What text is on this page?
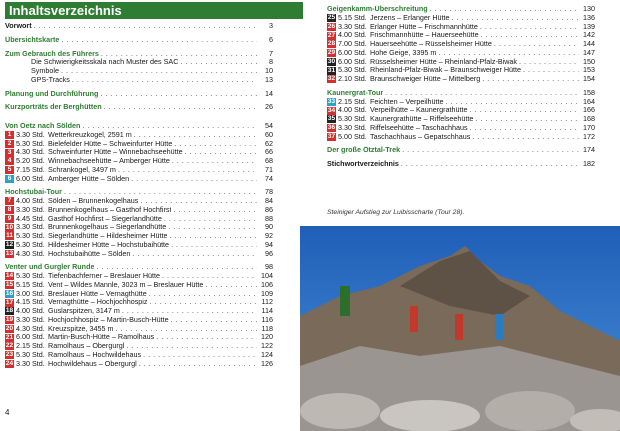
Inhaltsverzeichnis
Vorwort . . .	3
Übersichtskarte . . .	6
Zum Gebrauch des Führers . . .	7
Die Schwierigkeitsskala nach Muster des SAC . . .	8
Symbole . . .	10
GPS-Tracks . . .	13
Planung und Durchführung . . .	14
Kurzporträts der Berghütten . . .	26
Von Oetz nach Sölden . . .	54
1 3.30 Std. Wetterkreuzkogel, 2591 m . . .	60
2 5.30 Std. Bielefelder Hütte – Schweinfurter Hütte . . .	62
3 4.30 Std. Schweinfurter Hütte – Winnebachseehütte . . .	66
4 5.20 Std. Winnebachseehütte – Amberger Hütte . . .	68
5 7.15 Std. Schrankogel, 3497 m . . .	71
6 6.00 Std. Amberger Hütte – Sölden . . .	74
Hochstubai-Tour . . .	78
7 4.00 Std. Sölden – Brunnenkogelhaus . . .	84
8 3.30 Std. Brunnenkogelhaus – Gasthof Hochfirst . . .	86
9 4.45 Std. Gasthof Hochfirst – Siegerlandhütte . . .	88
10 3.30 Std. Brunnenkogelhaus – Siegerlandhütte . . .	90
11 5.30 Std. Siegerlandhütte – Hildesheimer Hütte . . .	92
12 5.30 Std. Hildesheimer Hütte – Hochstubaihütte . . .	94
13 4.30 Std. Hochstubaihütte – Sölden . . .	96
Venter und Gurgler Runde . . .	98
14 5.30 Std. Tiefenbachferner – Breslauer Hütte . . .	104
15 5.15 Std. Vent – Wildes Mannle, 3023 m – Breslauer Hütte . . .	106
16 3.00 Std. Breslauer Hütte – Vernagthütte . . .	109
17 4.15 Std. Vernagthütte – Hochjochhospiz . . .	112
18 4.00 Std. Guslarspitzen, 3147 m . . .	114
19 3.30 Std. Hochjochhospiz – Martin-Busch-Hütte . . .	116
20 4.30 Std. Kreuzspitze, 3455 m . . .	118
21 6.00 Std. Martin-Busch-Hütte – Ramolhaus . . .	120
22 2.15 Std. Ramolhaus – Obergurgl . . .	122
23 5.30 Std. Ramolhaus – Hochwildehaus . . .	124
24 3.30 Std. Hochwildehaus – Obergurgl . . .	126
Geigenkamm-Überschreitung . . .	130
25 5.15 Std. Jerzens – Erlanger Hütte . . .	136
26 3.30 Std. Erlanger Hütte – Frischmannhütte . . .	139
27 4.00 Std. Frischmannhütte – Hauerseehütte . . .	142
28 7.00 Std. Hauerseehütte – Rüsselsheimer Hütte . . .	144
29 6.00 Std. Hohe Geige, 3395 m . . .	147
30 6.00 Std. Rüsselsheimer Hütte – Rheinland-Pfalz-Biwak . . .	150
31 5.30 Std. Rheinland-Pfalz-Biwak – Braunschweiger Hütte . . .	153
32 2.10 Std. Braunschweiger Hütte – Mittelberg . . .	154
Kaunergrat-Tour . . .	158
33 2.15 Std. Feichten – Verpeilhütte . . .	164
34 4.00 Std. Verpeilhütte – Kaunergrathütte . . .	166
35 5.30 Std. Kaunergrathütte – Riffelseehütte . . .	168
36 3.30 Std. Riffelseehütte – Taschachhaus . . .	170
37 5.00 Std. Taschachhaus – Gepatschhaus . . .	172
Der große Ötztal-Trek . . .	174
Stichwortverzeichnis . . .	182
Steiniger Aufstieg zur Luibisscharte (Tour 28).
4
